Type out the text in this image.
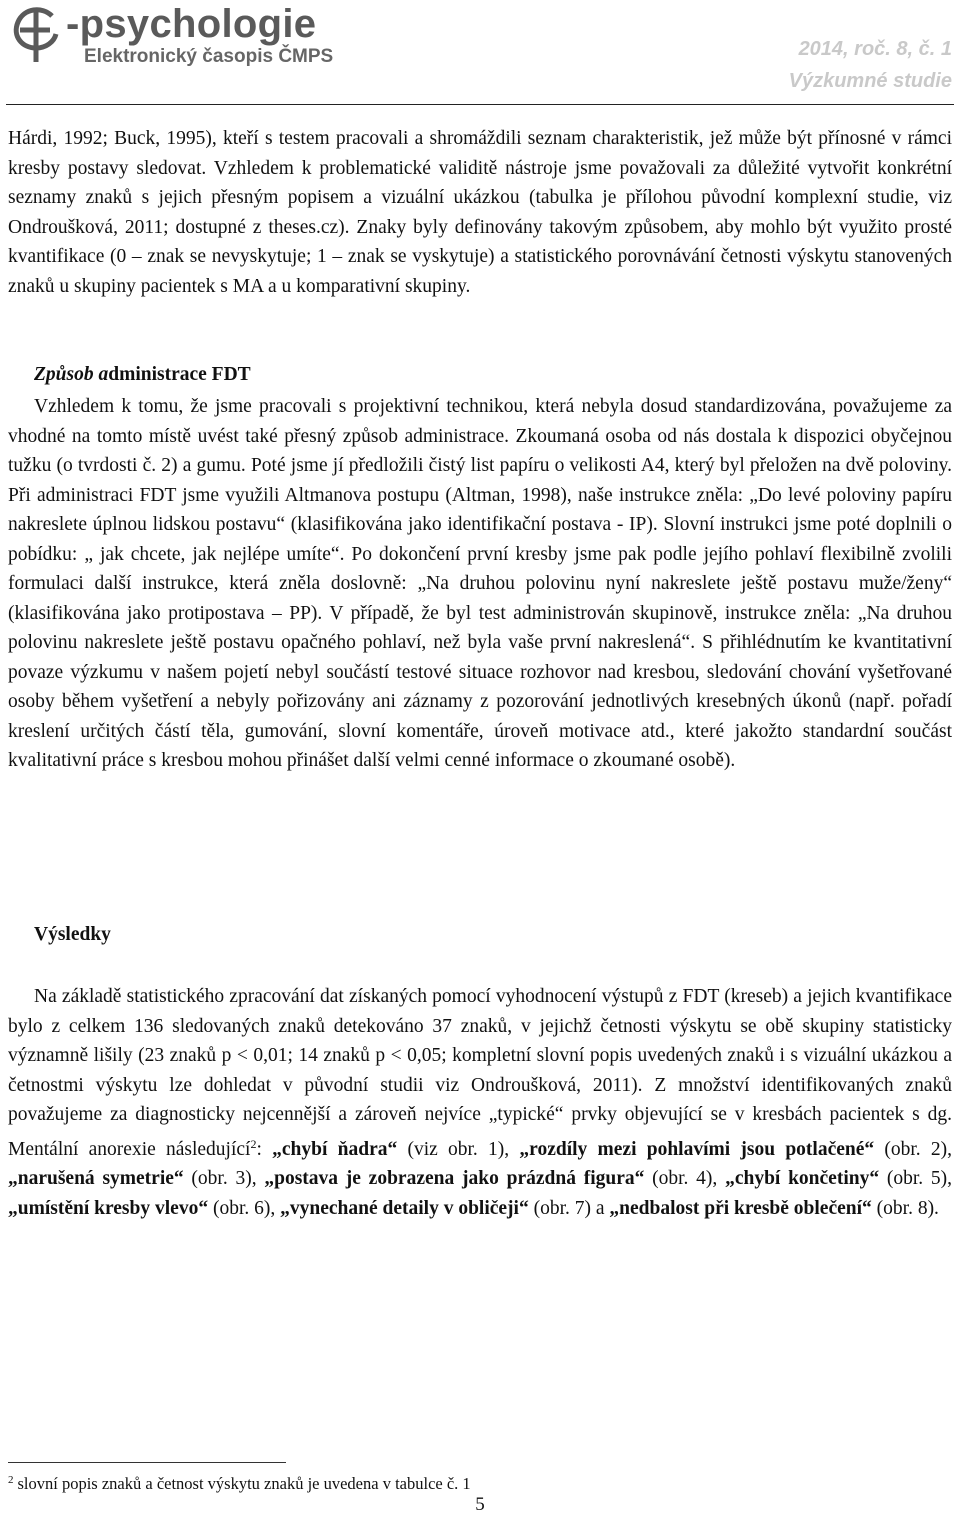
-psychologie
Elektronický časopis ČMPS	2014, roč. 8, č. 1
Výzkumné studie

Hárdi, 1992; Buck, 1995), kteří s testem pracovali a shromáždili seznam charakteristik, jež může být přínosné v rámci kresby postavy sledovat. Vzhledem k problematické validitě nástroje jsme považovali za důležité vytvořit konkrétní seznamy znaků s jejich přesným popisem a vizuální ukázkou (tabulka je přílohou původní komplexní studie, viz Ondroušková, 2011; dostupné z theses.cz). Znaky byly definovány takovým způsobem, aby mohlo být využito prosté kvantifikace (0 – znak se nevyskytuje; 1 – znak se vyskytuje) a statistického porovnávání četnosti výskytu stanovených znaků u skupiny pacientek s MA a u komparativní skupiny.

Způsob administrace FDT

Vzhledem k tomu, že jsme pracovali s projektivní technikou, která nebyla dosud standardizována, považujeme za vhodné na tomto místě uvést také přesný způsob administrace. Zkoumaná osoba od nás dostala k dispozici obyčejnou tužku (o tvrdosti č. 2) a gumu. Poté jsme jí předložili čistý list papíru o velikosti A4, který byl přeložen na dvě poloviny. Při administraci FDT jsme využili Altmanova postupu (Altman, 1998), naše instrukce zněla: „Do levé poloviny papíru nakreslete úplnou lidskou postavu“ (klasifikována jako identifikační postava - IP). Slovní instrukci jsme poté doplnili o pobídku: „ jak chcete, jak nejlépe umíte“. Po dokončení první kresby jsme pak podle jejího pohlaví flexibilně zvolili formulaci další instrukce, která zněla doslovně: „Na druhou polovinu nyní nakreslete ještě postavu muže/ženy“ (klasifikována jako protipostava – PP). V případě, že byl test administrován skupinově, instrukce zněla: „Na druhou polovinu nakreslete ještě postavu opačného pohlaví, než byla vaše první nakreslená“. S přihlédnutím ke kvantitativní povaze výzkumu v našem pojetí nebyl součástí testové situace rozhovor nad kresbou, sledování chování vyšetřované osoby během vyšetření a nebyly pořizovány ani záznamy z pozorování jednotlivých kresebných úkonů (např. pořadí kreslení určitých částí těla, gumování, slovní komentáře, úroveň motivace atd., které jakožto standardní součást kvalitativní práce s kresbou mohou přinášet další velmi cenné informace o zkoumané osobě).

Výsledky

Na základě statistického zpracování dat získaných pomocí vyhodnocení výstupů z FDT (kreseb) a jejich kvantifikace bylo z celkem 136 sledovaných znaků detekováno 37 znaků, v jejichž četnosti výskytu se obě skupiny statisticky významně lišily (23 znaků p < 0,01; 14 znaků p < 0,05; kompletní slovní popis uvedených znaků i s vizuální ukázkou a četnostmi výskytu lze dohledat v původní studii viz Ondroušková, 2011). Z množství identifikovaných znaků považujeme za diagnosticky nejcennější a zároveň nejvíce „typické“ prvky objevující se v kresbách pacientek s dg. Mentální anorexie následující$^2$: „chybí ňadra“ (viz obr. 1), „rozdíly mezi pohlavími jsou potlačené“ (obr. 2), „narušená symetrie“ (obr. 3), „postava je zobrazena jako prázdná figura“ (obr. 4), „chybí končetiny“ (obr. 5), „umístění kresby vlevo“ (obr. 6), „vynechané detaily v obličeji“ (obr. 7) a „nedbalost při kresbě oblečení“ (obr. 8).

$^2$ slovní popis znaků a četnost výskytu znaků je uvedena v tabulce č. 1
5
